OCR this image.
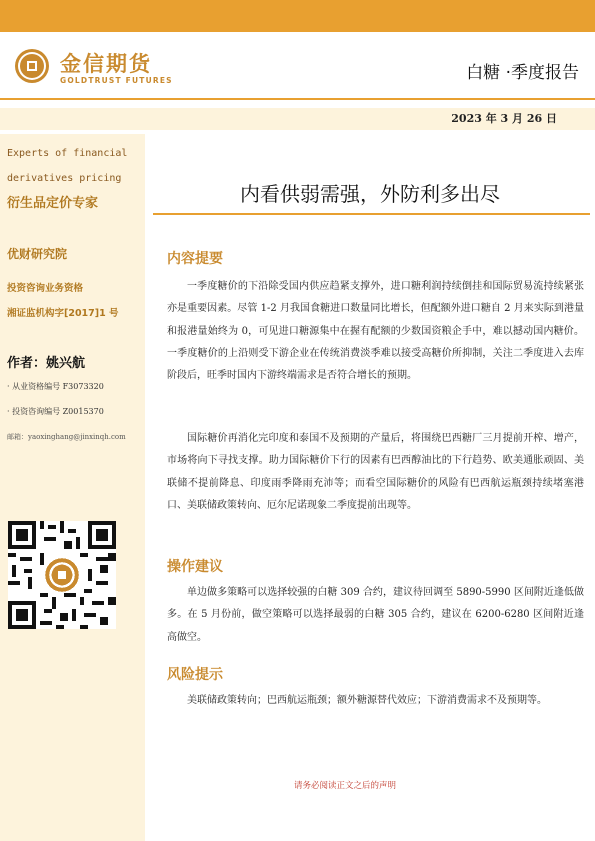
金信期货
GOLDTRUST FUTURES	白糖 ·季度报告
2023 年 3 月 26 日
Experts of financial
derivatives pricing
衍生品定价专家
优财研究院
投资咨询业务资格
湘证监机构字[2017]1 号
作者：姚兴航
· 从业资格编号 F3073320
· 投资咨询编号 Z0015370
邮箱：yaoxinghang@jinxinqh.com
内看供弱需强，外防利多出尽
内容提要

一季度糖价的下沿除受国内供应趋紧支撑外，进口糖利润持续倒挂和国际贸易流持续紧张亦是重要因素。尽管 1-2 月我国食糖进口数量同比增长，但配额外进口糖自 2 月来实际到港量和报港量始终为 0，可见进口糖源集中在握有配额的少数国资粮企手中，难以撼动国内糖价。一季度糖价的上沿则受下游企业在传统消费淡季难以接受高糖价所抑制，关注二季度进入去库阶段后，旺季时国内下游终端需求是否符合增长的预期。

国际糖价再消化完印度和泰国不及预期的产量后，将围绕巴西糖厂三月提前开榨、增产，市场将向下寻找支撑。助力国际糖价下行的因素有巴西醇油比的下行趋势、欧美通胀顽固、美联储不提前降息、印度雨季降雨充沛等；而看空国际糖价的风险有巴西航运瓶颈持续堵塞港口、美联储政策转向、厄尔尼诺现象二季度提前出现等。

操作建议

单边做多策略可以选择较强的白糖 309 合约，建议待回调至 5890-5990 区间附近逢低做多。在 5 月份前，做空策略可以选择最弱的白糖 305 合约，建议在 6200-6280 区间附近逢高做空。

风险提示

美联储政策转向；巴西航运瓶颈；额外糖源替代效应；下游消费需求不及预期等。

请务必阅读正文之后的声明
